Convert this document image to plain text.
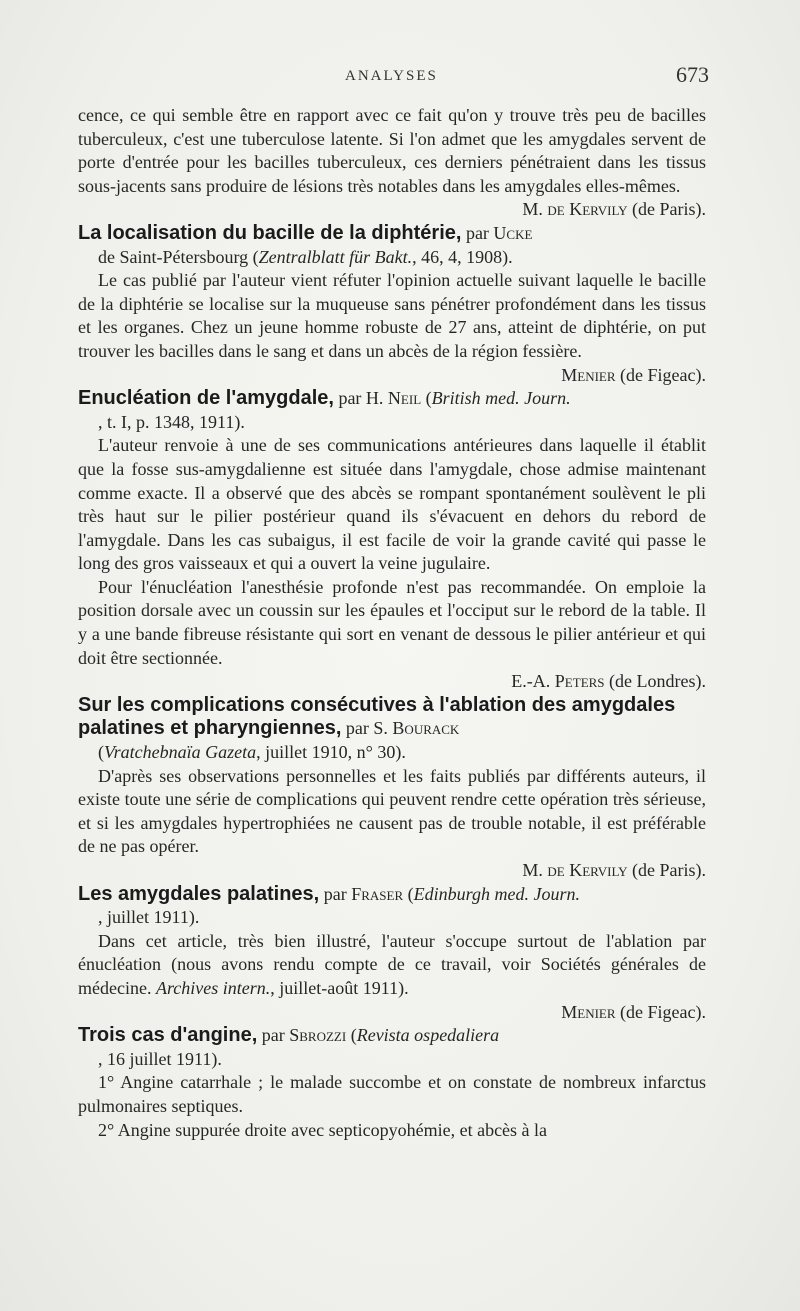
ANALYSES	673

cence, ce qui semble être en rapport avec ce fait qu'on y trouve très peu de bacilles tuberculeux, c'est une tuberculose latente. Si l'on admet que les amygdales servent de porte d'entrée pour les bacilles tuberculeux, ces derniers pénétraient dans les tissus sous-jacents sans produire de lésions très notables dans les amygdales elles-mêmes.

M. de Kervily (de Paris).

La localisation du bacille de la diphtérie, par Ucke

de Saint-Pétersbourg (Zentralblatt für Bakt., 46, 4, 1908).

Le cas publié par l'auteur vient réfuter l'opinion actuelle suivant laquelle le bacille de la diphtérie se localise sur la muqueuse sans pénétrer profondément dans les tissus et les organes. Chez un jeune homme robuste de 27 ans, atteint de diphtérie, on put trouver les bacilles dans le sang et dans un abcès de la région fessière.

Menier (de Figeac).

Enucléation de l'amygdale, par H. Neil (British med. Journ.

, t. I, p. 1348, 1911).

L'auteur renvoie à une de ses communications antérieures dans laquelle il établit que la fosse sus-amygdalienne est située dans l'amygdale, chose admise maintenant comme exacte. Il a observé que des abcès se rompant spontanément soulèvent le pli très haut sur le pilier postérieur quand ils s'évacuent en dehors du rebord de l'amygdale. Dans les cas subaigus, il est facile de voir la grande cavité qui passe le long des gros vaisseaux et qui a ouvert la veine jugulaire.

Pour l'énucléation l'anesthésie profonde n'est pas recommandée. On emploie la position dorsale avec un coussin sur les épaules et l'occiput sur le rebord de la table. Il y a une bande fibreuse résistante qui sort en venant de dessous le pilier antérieur et qui doit être sectionnée.

E.-A. Peters (de Londres).

Sur les complications consécutives à l'ablation des amygdales palatines et pharyngiennes, par S. Bourack

(Vratchebnaïa Gazeta, juillet 1910, n° 30).

D'après ses observations personnelles et les faits publiés par différents auteurs, il existe toute une série de complications qui peuvent rendre cette opération très sérieuse, et si les amygdales hypertrophiées ne causent pas de trouble notable, il est préférable de ne pas opérer.

M. de Kervily (de Paris).

Les amygdales palatines, par Fraser (Edinburgh med. Journ.

, juillet 1911).

Dans cet article, très bien illustré, l'auteur s'occupe surtout de l'ablation par énucléation (nous avons rendu compte de ce travail, voir Sociétés générales de médecine. Archives intern., juillet-août 1911).

Menier (de Figeac).

Trois cas d'angine, par Sbrozzi (Revista ospedaliera

, 16 juillet 1911).

1° Angine catarrhale ; le malade succombe et on constate de nombreux infarctus pulmonaires septiques.

2° Angine suppurée droite avec septicopyohémie, et abcès à la
